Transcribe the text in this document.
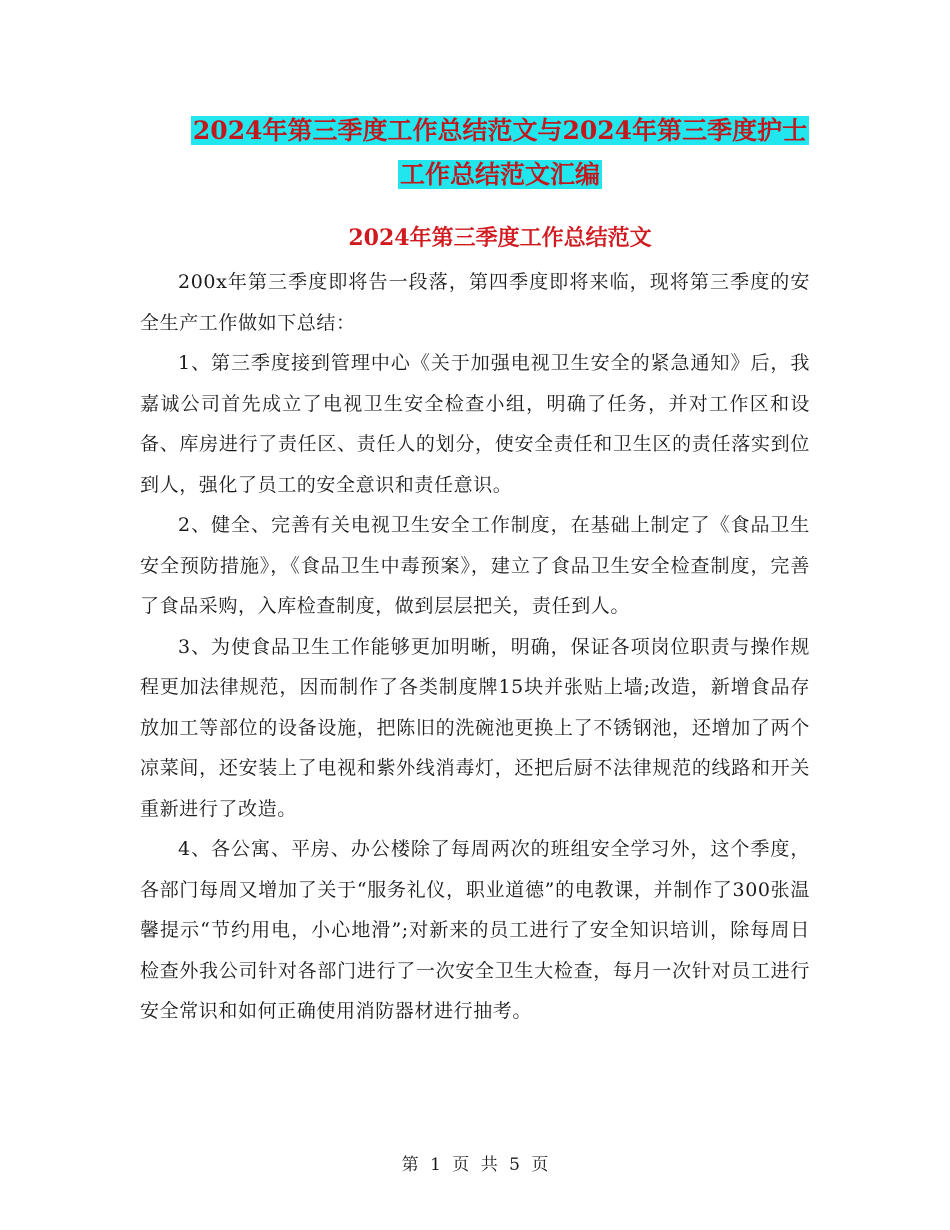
2024年第三季度工作总结范文与2024年第三季度护士
工作总结范文汇编
2024年第三季度工作总结范文

200x年第三季度即将告一段落，第四季度即将来临，现将第三季度的安全生产工作做如下总结：

1、第三季度接到管理中心《关于加强电视卫生安全的紧急通知》后，我嘉诚公司首先成立了电视卫生安全检查小组，明确了任务，并对工作区和设备、库房进行了责任区、责任人的划分，使安全责任和卫生区的责任落实到位到人，强化了员工的安全意识和责任意识。

2、健全、完善有关电视卫生安全工作制度，在基础上制定了《食品卫生安全预防措施》，《食品卫生中毒预案》，建立了食品卫生安全检查制度，完善了食品采购，入库检查制度，做到层层把关，责任到人。

3、为使食品卫生工作能够更加明晰，明确，保证各项岗位职责与操作规程更加法律规范，因而制作了各类制度牌15块并张贴上墙;改造，新增食品存放加工等部位的设备设施，把陈旧的洗碗池更换上了不锈钢池，还增加了两个凉菜间，还安装上了电视和紫外线消毒灯，还把后厨不法律规范的线路和开关重新进行了改造。

4、各公寓、平房、办公楼除了每周两次的班组安全学习外，这个季度，各部门每周又增加了关于“服务礼仪，职业道德”的电教课，并制作了300张温馨提示“节约用电，小心地滑”;对新来的员工进行了安全知识培训，除每周日检查外我公司针对各部门进行了一次安全卫生大检查，每月一次针对员工进行安全常识和如何正确使用消防器材进行抽考。

第 1 页 共 5 页
